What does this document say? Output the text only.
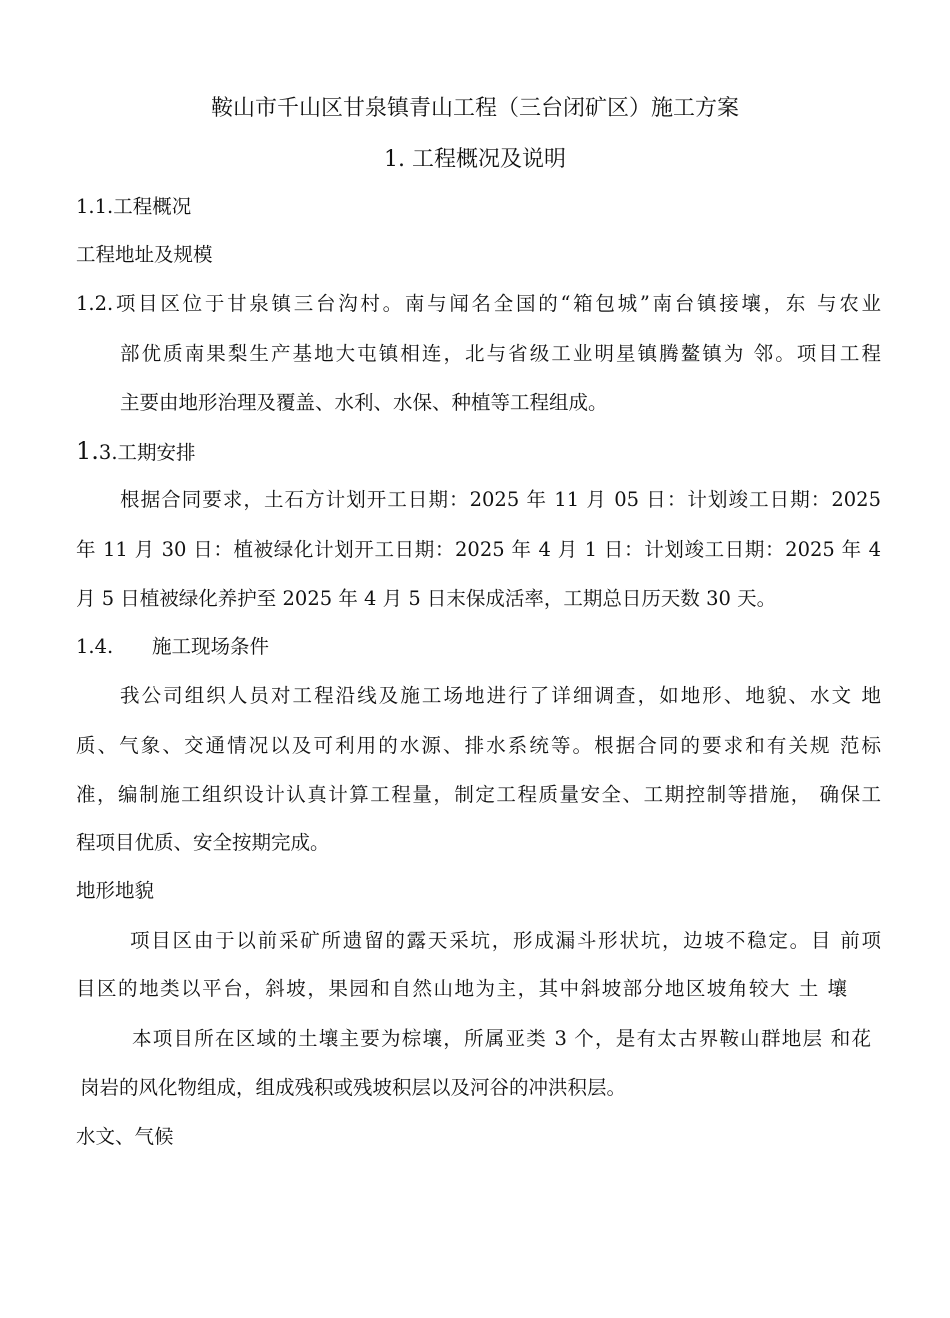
鞍山市千山区甘泉镇青山工程（三台闭矿区）施工方案
1. 工程概况及说明
1.1.工程概况
工程地址及规模
1.2.项目区位于甘泉镇三台沟村。南与闻名全国的“箱包城”南台镇接壤，东 与农业
部优质南果梨生产基地大屯镇相连，北与省级工业明星镇腾鳌镇为 邻。项目工程
主要由地形治理及覆盖、水利、水保、种植等工程组成。
1.3.工期安排
根据合同要求，土石方计划开工日期：2025 年 11 月 05 日：计划竣工日期：2025
年 11 月 30 日：植被绿化计划开工日期：2025 年 4 月 1 日：计划竣工日期：2025 年 4
月 5 日植被绿化养护至 2025 年 4 月 5 日末保成活率，工期总日历天数 30 天。
1.4. 施工现场条件
我公司组织人员对工程沿线及施工场地进行了详细调查，如地形、地貌、水文 地
质、气象、交通情况以及可利用的水源、排水系统等。根据合同的要求和有关规 范标
准，编制施工组织设计认真计算工程量，制定工程质量安全、工期控制等措施， 确保工
程项目优质、安全按期完成。
地形地貌
项目区由于以前采矿所遗留的露天采坑，形成漏斗形状坑，边坡不稳定。目 前项
目区的地类以平台，斜坡，果园和自然山地为主，其中斜坡部分地区坡角较大 土 壤
本项目所在区域的土壤主要为棕壤，所属亚类 3 个，是有太古界鞍山群地层 和花
岗岩的风化物组成，组成残积或残坡积层以及河谷的冲洪积层。
水文、气候
